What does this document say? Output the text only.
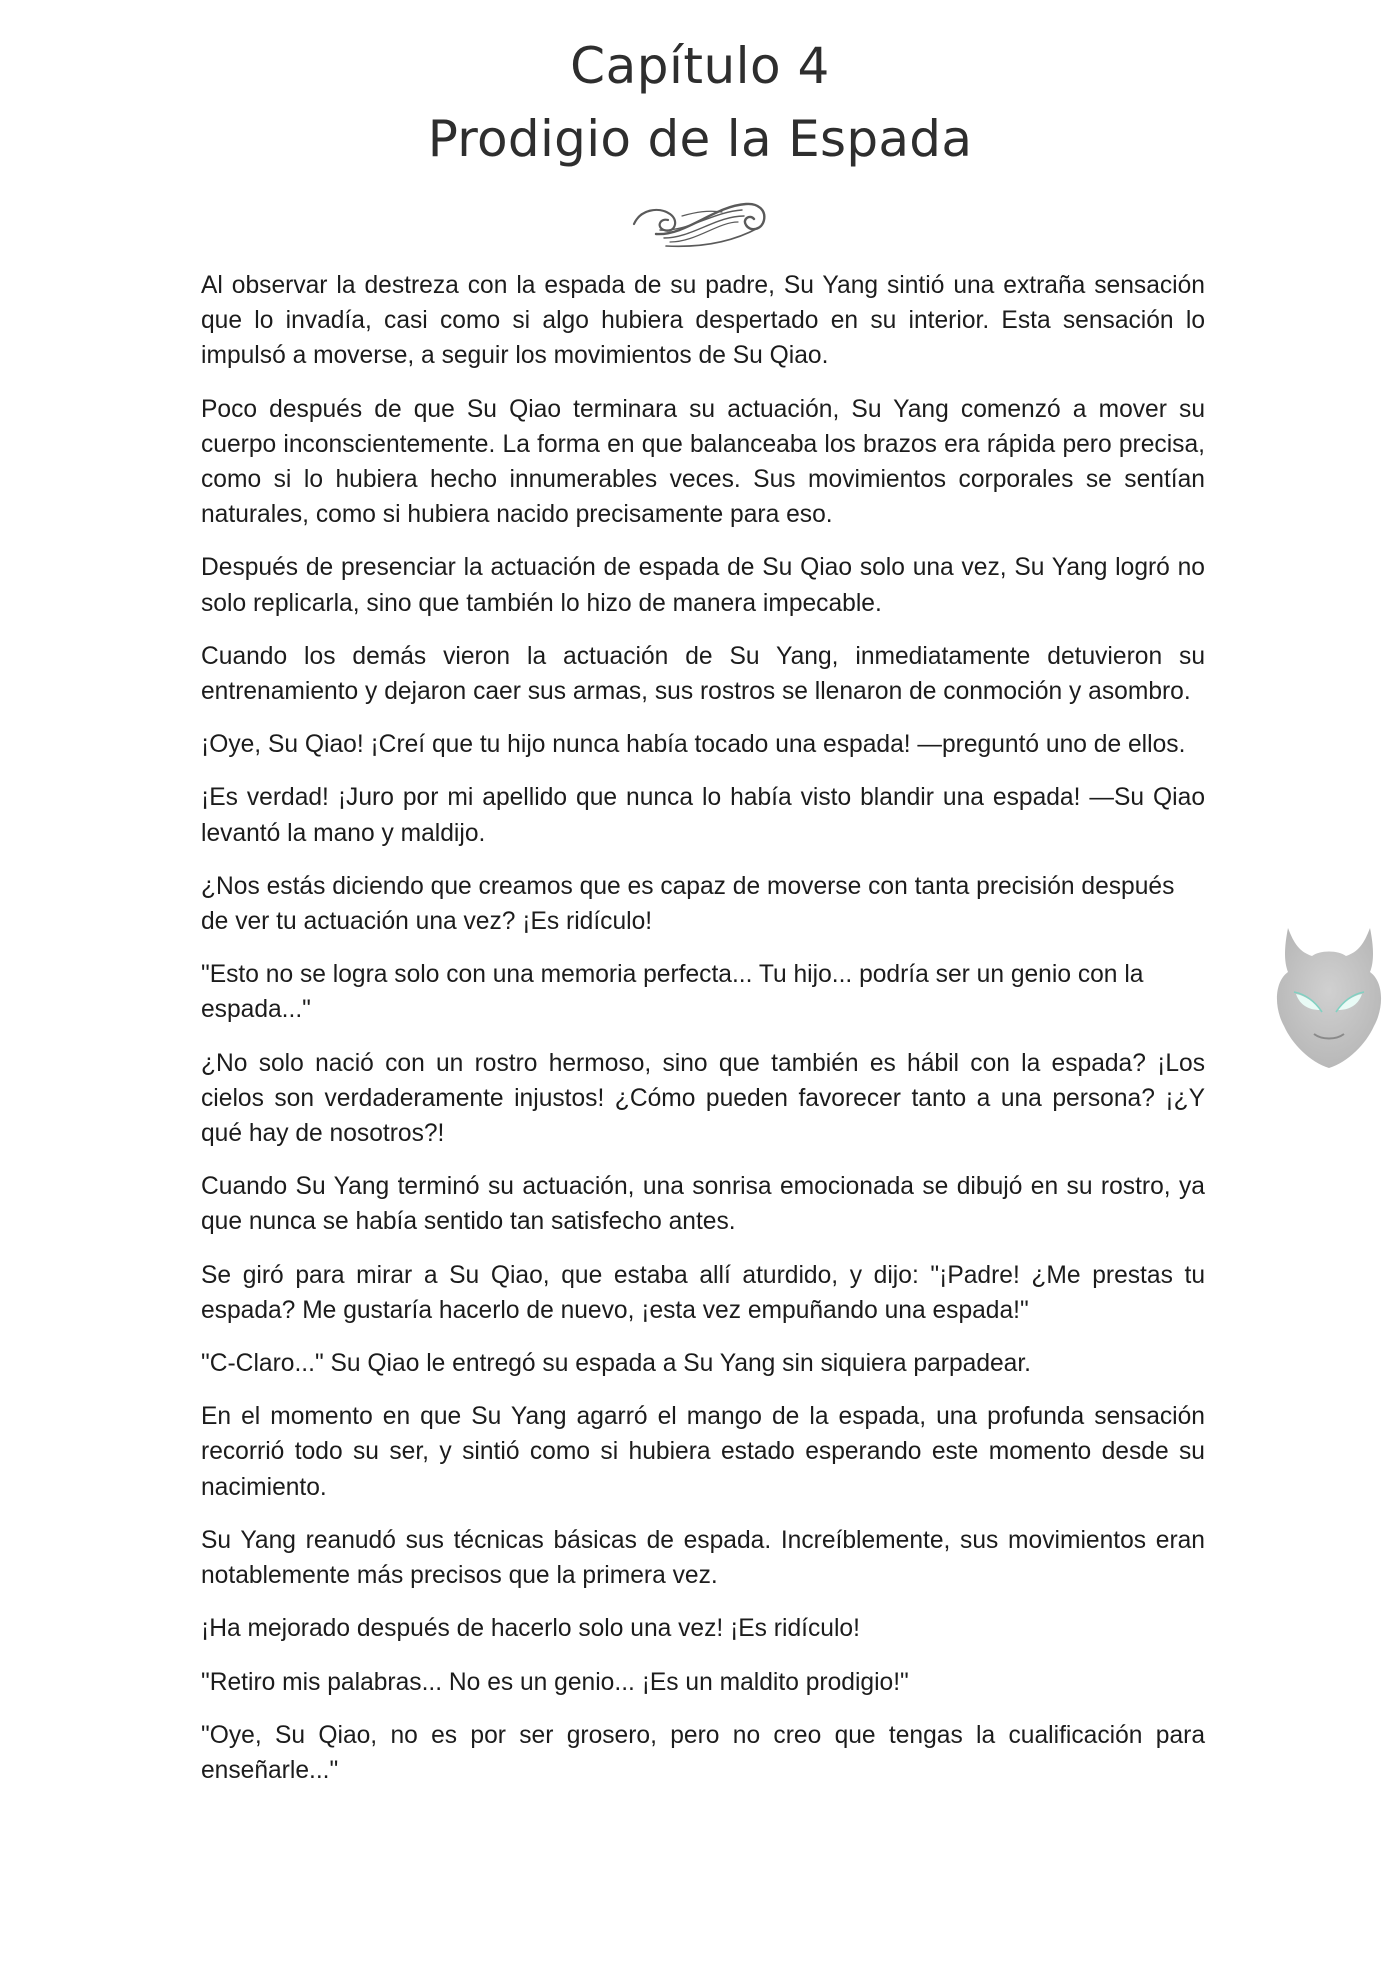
Capítulo 4
Prodigio de la Espada

Al observar la destreza con la espada de su padre, Su Yang sintió una extraña sensación que lo invadía, casi como si algo hubiera despertado en su interior. Esta sensación lo impulsó a moverse, a seguir los movimientos de Su Qiao.

Poco después de que Su Qiao terminara su actuación, Su Yang comenzó a mover su cuerpo inconscientemente. La forma en que balanceaba los brazos era rápida pero precisa, como si lo hubiera hecho innumerables veces. Sus movimientos corporales se sentían naturales, como si hubiera nacido precisamente para eso.

Después de presenciar la actuación de espada de Su Qiao solo una vez, Su Yang logró no solo replicarla, sino que también lo hizo de manera impecable.

Cuando los demás vieron la actuación de Su Yang, inmediatamente detuvieron su entrenamiento y dejaron caer sus armas, sus rostros se llenaron de conmoción y asombro.

¡Oye, Su Qiao! ¡Creí que tu hijo nunca había tocado una espada! —preguntó uno de ellos.

¡Es verdad! ¡Juro por mi apellido que nunca lo había visto blandir una espada! —Su Qiao levantó la mano y maldijo.

¿Nos estás diciendo que creamos que es capaz de moverse con tanta precisión después de ver tu actuación una vez? ¡Es ridículo!

"Esto no se logra solo con una memoria perfecta... Tu hijo... podría ser un genio con la espada..."

¿No solo nació con un rostro hermoso, sino que también es hábil con la espada? ¡Los cielos son verdaderamente injustos! ¿Cómo pueden favorecer tanto a una persona? ¡¿Y qué hay de nosotros?!

Cuando Su Yang terminó su actuación, una sonrisa emocionada se dibujó en su rostro, ya que nunca se había sentido tan satisfecho antes.

Se giró para mirar a Su Qiao, que estaba allí aturdido, y dijo: "¡Padre! ¿Me prestas tu espada? Me gustaría hacerlo de nuevo, ¡esta vez empuñando una espada!"

"C-Claro..." Su Qiao le entregó su espada a Su Yang sin siquiera parpadear.

En el momento en que Su Yang agarró el mango de la espada, una profunda sensación recorrió todo su ser, y sintió como si hubiera estado esperando este momento desde su nacimiento.

Su Yang reanudó sus técnicas básicas de espada. Increíblemente, sus movimientos eran notablemente más precisos que la primera vez.

¡Ha mejorado después de hacerlo solo una vez! ¡Es ridículo!

"Retiro mis palabras... No es un genio... ¡Es un maldito prodigio!"

"Oye, Su Qiao, no es por ser grosero, pero no creo que tengas la cualificación para enseñarle..."
